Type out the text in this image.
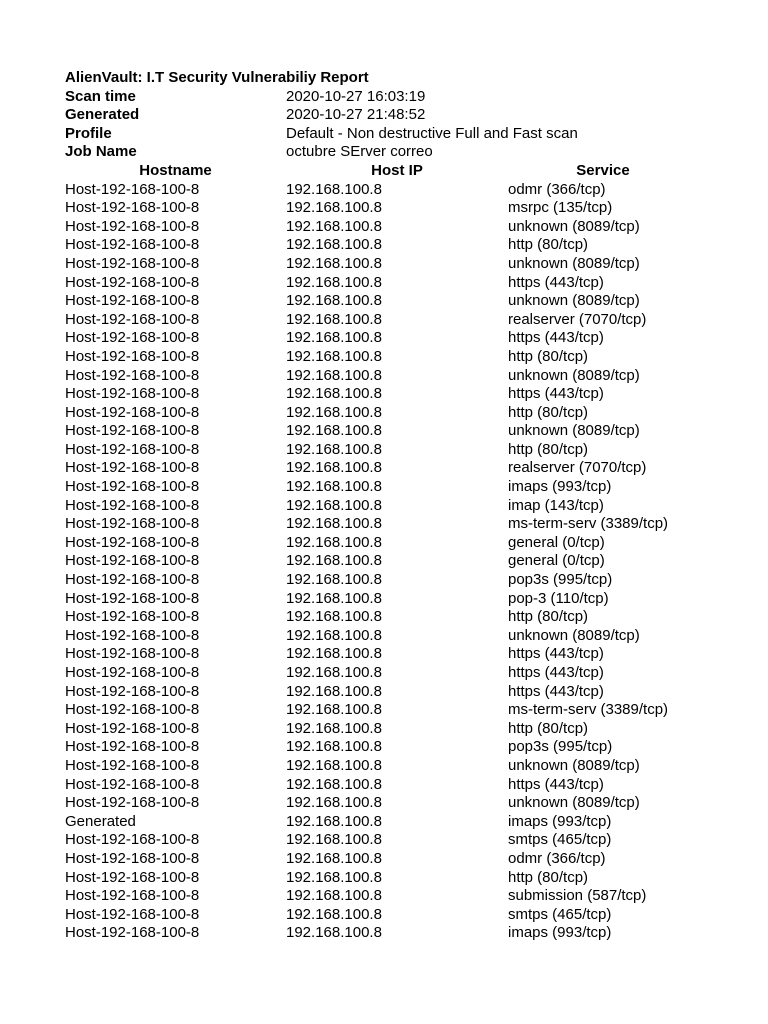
AlienVault: I.T Security Vulnerabiliy Report
Scan time	2020-10-27 16:03:19
Generated	2020-10-27 21:48:52
Profile	Default - Non destructive Full and Fast scan
Job Name	octubre SErver correo
Hostname	Host IP	Service
Host-192-168-100-8	192.168.100.8	odmr (366/tcp)
Host-192-168-100-8	192.168.100.8	msrpc (135/tcp)
Host-192-168-100-8	192.168.100.8	unknown (8089/tcp)
Host-192-168-100-8	192.168.100.8	http (80/tcp)
Host-192-168-100-8	192.168.100.8	unknown (8089/tcp)
Host-192-168-100-8	192.168.100.8	https (443/tcp)
Host-192-168-100-8	192.168.100.8	unknown (8089/tcp)
Host-192-168-100-8	192.168.100.8	realserver (7070/tcp)
Host-192-168-100-8	192.168.100.8	https (443/tcp)
Host-192-168-100-8	192.168.100.8	http (80/tcp)
Host-192-168-100-8	192.168.100.8	unknown (8089/tcp)
Host-192-168-100-8	192.168.100.8	https (443/tcp)
Host-192-168-100-8	192.168.100.8	http (80/tcp)
Host-192-168-100-8	192.168.100.8	unknown (8089/tcp)
Host-192-168-100-8	192.168.100.8	http (80/tcp)
Host-192-168-100-8	192.168.100.8	realserver (7070/tcp)
Host-192-168-100-8	192.168.100.8	imaps (993/tcp)
Host-192-168-100-8	192.168.100.8	imap (143/tcp)
Host-192-168-100-8	192.168.100.8	ms-term-serv (3389/tcp)
Host-192-168-100-8	192.168.100.8	general (0/tcp)
Host-192-168-100-8	192.168.100.8	general (0/tcp)
Host-192-168-100-8	192.168.100.8	pop3s (995/tcp)
Host-192-168-100-8	192.168.100.8	pop-3 (110/tcp)
Host-192-168-100-8	192.168.100.8	http (80/tcp)
Host-192-168-100-8	192.168.100.8	unknown (8089/tcp)
Host-192-168-100-8	192.168.100.8	https (443/tcp)
Host-192-168-100-8	192.168.100.8	https (443/tcp)
Host-192-168-100-8	192.168.100.8	https (443/tcp)
Host-192-168-100-8	192.168.100.8	ms-term-serv (3389/tcp)
Host-192-168-100-8	192.168.100.8	http (80/tcp)
Host-192-168-100-8	192.168.100.8	pop3s (995/tcp)
Host-192-168-100-8	192.168.100.8	unknown (8089/tcp)
Host-192-168-100-8	192.168.100.8	https (443/tcp)
Host-192-168-100-8	192.168.100.8	unknown (8089/tcp)
Generated	192.168.100.8	imaps (993/tcp)
Host-192-168-100-8	192.168.100.8	smtps (465/tcp)
Host-192-168-100-8	192.168.100.8	odmr (366/tcp)
Host-192-168-100-8	192.168.100.8	http (80/tcp)
Host-192-168-100-8	192.168.100.8	submission (587/tcp)
Host-192-168-100-8	192.168.100.8	smtps (465/tcp)
Host-192-168-100-8	192.168.100.8	imaps (993/tcp)
